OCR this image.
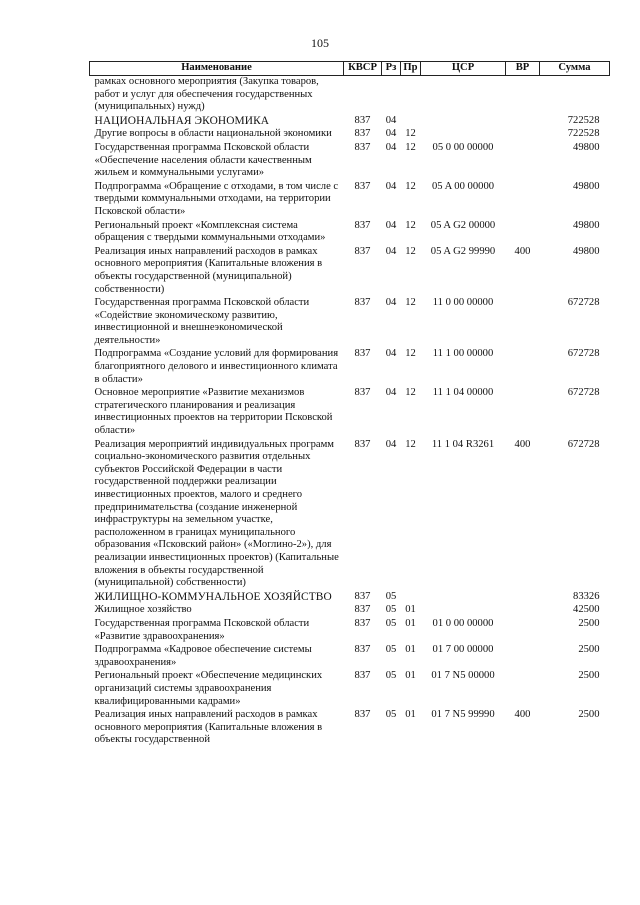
105
Наименование	КВСР	Рз	Пр	ЦСР	ВР	Сумма
рамках основного мероприятия (Закупка товаров, работ и услуг для обеспечения государственных (муниципальных) нужд)						
НАЦИОНАЛЬНАЯ ЭКОНОМИКА	837	04				722528
Другие вопросы в области национальной экономики	837	04	12			722528
Государственная программа Псковской области «Обеспечение населения области качественным жильем и коммунальными услугами»	837	04	12	05 0 00 00000		49800
Подпрограмма «Обращение с отходами, в том числе с твердыми коммунальными отходами, на территории Псковской области»	837	04	12	05 A 00 00000		49800
Региональный проект «Комплексная система обращения с твердыми коммунальными отходами»	837	04	12	05 A G2 00000		49800
Реализация иных направлений расходов в рамках основного мероприятия (Капитальные вложения в объекты государственной (муниципальной) собственности)	837	04	12	05 A G2 99990	400	49800
Государственная программа Псковской области «Содействие экономическому развитию, инвестиционной и внешнеэкономической деятельности»	837	04	12	11 0 00 00000		672728
Подпрограмма «Создание условий для формирования благоприятного делового и инвестиционного климата в области»	837	04	12	11 1 00 00000		672728
Основное мероприятие «Развитие механизмов стратегического планирования и реализация инвестиционных проектов на территории Псковской области»	837	04	12	11 1 04 00000		672728
Реализация мероприятий индивидуальных программ социально-экономического развития отдельных субъектов Российской Федерации в части государственной поддержки реализации инвестиционных проектов, малого и среднего предпринимательства (создание инженерной инфраструктуры на земельном участке, расположенном в границах муниципального образования «Псковский район» («Моглино-2»), для реализации инвестиционных проектов) (Капитальные вложения в объекты государственной (муниципальной) собственности)	837	04	12	11 1 04 R3261	400	672728
ЖИЛИЩНО-КОММУНАЛЬНОЕ ХОЗЯЙСТВО	837	05				83326
Жилищное хозяйство	837	05	01			42500
Государственная программа Псковской области «Развитие здравоохранения»	837	05	01	01 0 00 00000		2500
Подпрограмма «Кадровое обеспечение системы здравоохранения»	837	05	01	01 7 00 00000		2500
Региональный проект «Обеспечение медицинских организаций системы здравоохранения квалифицированными кадрами»	837	05	01	01 7 N5 00000		2500
Реализация иных направлений расходов в рамках основного мероприятия (Капитальные вложения в объекты государственной	837	05	01	01 7 N5 99990	400	2500
